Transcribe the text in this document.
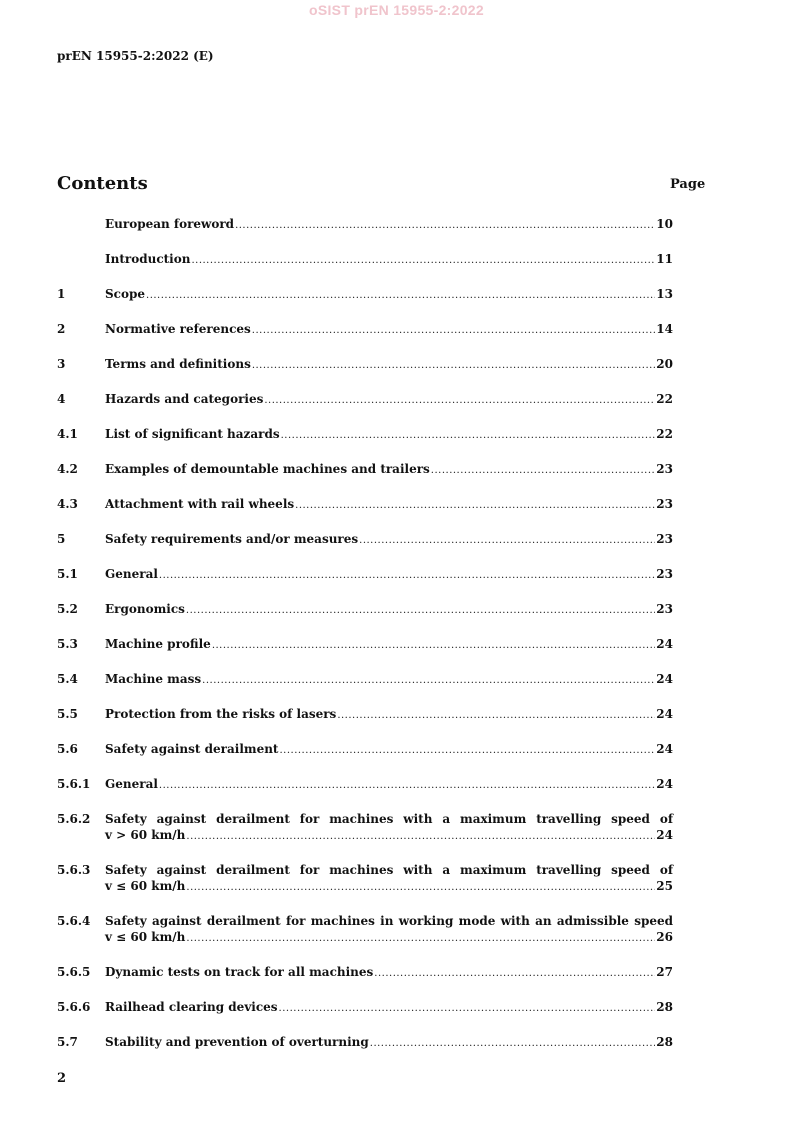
oSIST prEN 15955-2:2022
prEN 15955-2:2022 (E)
Contents	Page
European foreword .....	10
Introduction .....	11
1	Scope .....	13
2	Normative references .....	14
3	Terms and definitions .....	20
4	Hazards and categories .....	22
4.1	List of significant hazards .....	22
4.2	Examples of demountable machines and trailers .....	23
4.3	Attachment with rail wheels .....	23
5	Safety requirements and/or measures .....	23
5.1	General .....	23
5.2	Ergonomics .....	23
5.3	Machine profile .....	24
5.4	Machine mass .....	24
5.5	Protection from the risks of lasers .....	24
5.6	Safety against derailment .....	24
5.6.1	General .....	24
5.6.2	Safety against derailment for machines with a maximum travelling speed of
v > 60 km/h .....	24
5.6.3	Safety against derailment for machines with a maximum travelling speed of
v ≤ 60 km/h .....	25
5.6.4	Safety against derailment for machines in working mode with an admissible speed
v ≤ 60 km/h .....	26
5.6.5	Dynamic tests on track for all machines .....	27
5.6.6	Railhead clearing devices .....	28
5.7	Stability and prevention of overturning .....	28
2
